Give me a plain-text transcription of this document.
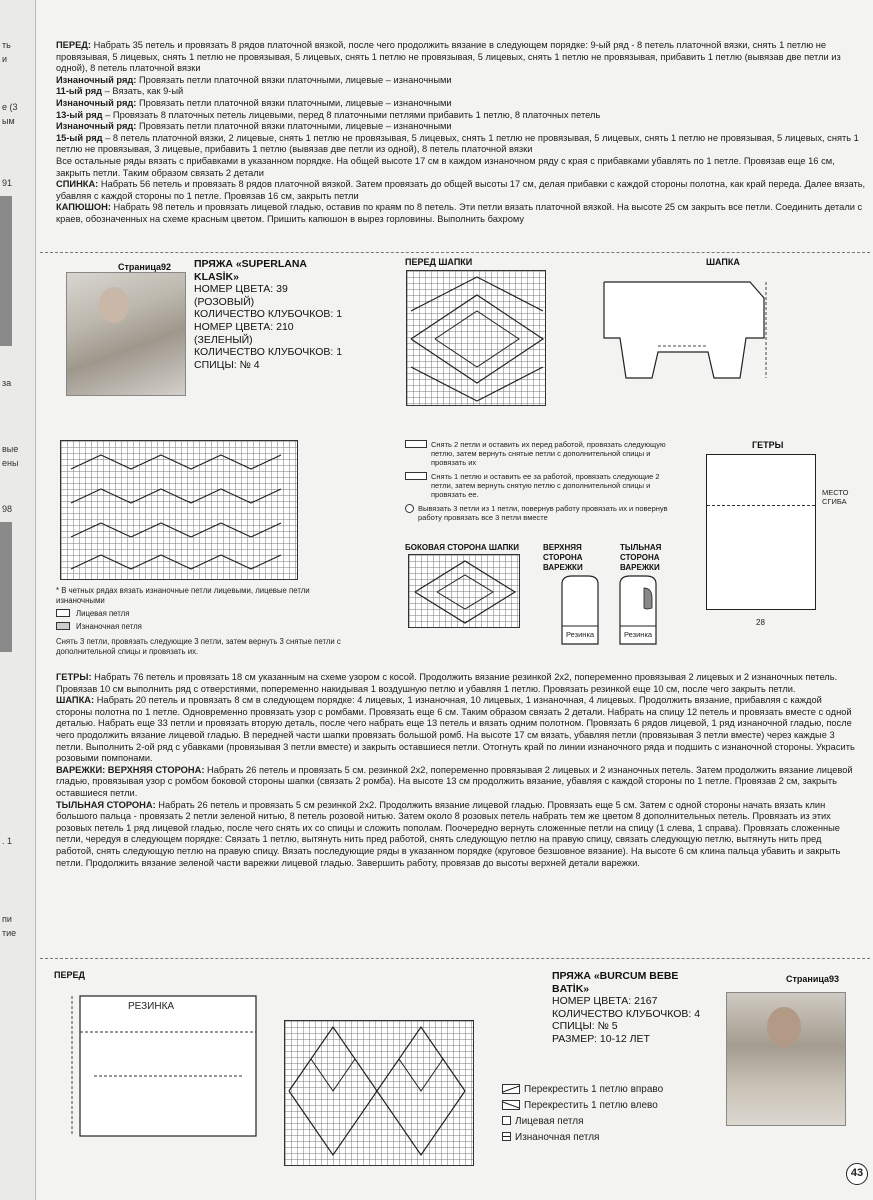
ть
и
е (3
ым
91
за
вые
ены
98
. 1
пи
тие

ПЕРЕД: Набрать 35 петель и провязать 8 рядов платочной вязкой, после чего продолжить вязание в следующем порядке: 9-ый ряд - 8 петель платочной вязки, снять 1 петлю не провязывая, 5 лицевых, снять 1 петлю не провязывая, 5 лицевых, снять 1 петлю не провязывая, 5 лицевых, снять 1 петлю не провязывая, прибавить 1 петлю (вывязав две петли из одной), 8 петель платочной вязки

Изнаночный ряд: Провязать петли платочной вязки платочными, лицевые – изнаночными

11-ый ряд – Вязать, как 9-ый

Изнаночный ряд: Провязать петли платочной вязки платочными, лицевые – изнаночными

13-ый ряд – Провязать 8 платочных петель лицевыми, перед 8 платочными петлями прибавить 1 петлю, 8 платочных петель

Изнаночный ряд: Провязать петли платочной вязки платочными, лицевые – изнаночными

15-ый ряд – 8 петель платочной вязки, 2 лицевые, снять 1 петлю не провязывая, 5 лицевых, снять 1 петлю не провязывая, 5 лицевых, снять 1 петлю не провязывая, 5 лицевых, снять 1 петлю не провязывая, 3 лицевые, прибавить 1 петлю (вывязав две петли из одной), 8 петель платочной вязки

Все остальные ряды вязать с прибавками в указанном порядке. На общей высоте 17 см в каждом изнаночном ряду с края с прибавками убавлять по 1 петле. Провязав еще 16 см, закрыть петли. Таким образом связать 2 детали

СПИНКА: Набрать 56 петель и провязать 8 рядов платочной вязкой. Затем провязать до общей высоты 17 см, делая прибавки с каждой стороны полотна, как край переда. Далее вязать, убавляя с каждой стороны по 1 петле. Провязав 16 см, закрыть петли

КАПЮШОН: Набрать 98 петель и провязать лицевой гладью, оставив по краям по 8 петель. Эти петли вязать платочной вязкой. На высоте 25 см закрыть все петли. Соединить детали с краев, обозначенных на схеме красным цветом. Пришить капюшон в вырез горловины. Выполнить бахрому

Страница92 ПРЯЖА «SUPERLANA
KLASİK»
НОМЕР ЦВЕТА: 39
(РОЗОВЫЙ)
КОЛИЧЕСТВО КЛУБОЧКОВ: 1
НОМЕР ЦВЕТА: 210
(ЗЕЛЕНЫЙ)
КОЛИЧЕСТВО КЛУБОЧКОВ: 1
СПИЦЫ: № 4
ПЕРЕД ШАПКИ	ШАПКА
* В четных рядах вязать изнаночные петли лицевыми, лицевые петли изнаночными
Лицевая петля
Изнаночная петля
Снять 3 петли, провязать следующие 3 петли, затем вернуть 3 снятые петли с дополнительной спицы и провязать их.
Снять 2 петли и оставить их перед работой, провязать следующую петлю, затем вернуть снятые петли с дополнительной спицы и провязать их
Снять 1 петлю и оставить ее за работой, провязать следующие 2 петли, затем вернуть снятую петлю с дополнительной спицы и провязать ее.
Вывязать 3 петли из 1 петли, повернув работу провязать их и повернув работу провязать все 3 петли вместе
БОКОВАЯ СТОРОНА ШАПКИ	ВЕРХНЯЯ СТОРОНА ВАРЕЖКИ
ТЫЛЬНАЯ СТОРОНА ВАРЕЖКИ
Резинка	Резинка
ГЕТРЫ
МЕСТО СГИБА
28

ГЕТРЫ: Набрать 76 петель и провязать 18 см указанным на схеме узором с косой. Продолжить вязание резинкой 2x2, попеременно провязывая 2 лицевых и 2 изнаночных петель. Провязав 10 см выполнить ряд с отверстиями, попеременно накидывая 1 воздушную петлю и убавляя 1 петлю. Провязать резинкой еще 10 см, после чего закрыть петли.

ШАПКА: Набрать 20 петель и провязать 8 см в следующем порядке: 4 лицевых, 1 изнаночная, 10 лицевых, 1 изнаночная, 4 лицевых. Продолжить вязание, прибавляя с каждой стороны полотна по 1 петле. Одновременно провязать узор с ромбами. Провязать еще 6 см. Таким образом связать 2 детали. Набрать на спицу 12 петель и провязать вместе с одной деталью. Набрать еще 33 петли и провязать вторую деталь, после чего набрать еще 13 петель и вязать одним полотном. Провязать 6 рядов лицевой, 1 ряд изнаночной гладью, после чего продолжить вязание лицевой гладью. В передней части шапки провязать большой ромб. На высоте 17 см вязать, убавляя петли (провязывая 3 петли вместе) через каждые 3 петли. Выполнить 2-ой ряд с убавками (провязывая 3 петли вместе) и закрыть оставшиеся петли. Отогнуть край по линии изнаночного ряда и подшить с изнаночной стороны. Украсить розовыми помпонами.

ВАРЕЖКИ: ВЕРХНЯЯ СТОРОНА: Набрать 26 петель и провязать 5 см. резинкой 2x2, попеременно провязывая 2 лицевых и 2 изнаночных петель. Затем продолжить вязание лицевой гладью, провязывая узор с ромбом боковой стороны шапки (связать 2 ромба). На высоте 13 см продолжить вязание, убавляя с каждой стороны по 1 петле. Провязав 2 см, закрыть оставшиеся петли.

ТЫЛЬНАЯ СТОРОНА: Набрать 26 петель и провязать 5 см резинкой 2x2. Продолжить вязание лицевой гладью. Провязать еще 5 см. Затем с одной стороны начать вязать клин большого пальца - провязать 2 петли зеленой нитью, 8 петель розовой нитью. Затем около 8 розовых петель набрать тем же цветом 8 дополнительных петель. Провязать из этих розовых петель 1 ряд лицевой гладью, после чего снять их со спицы и сложить пополам. Поочередно вернуть сложенные петли на спицу (1 слева, 1 справа). Провязать сложенные петли, чередуя в следующем порядке: Связать 1 петлю, вытянуть нить пред работой, снять следующую петлю на правую спицу, связать следующую петлю, вытянуть нить пред работой, снять следующую петлю на правую спицу. Вязать последующие ряды в указанном порядке (круговое безшовное вязание). На высоте 6 см клина пальца убавить и закрыть петли. Продолжить вязание зеленой части варежки лицевой гладью. Завершить работу, провязав до высоты верхней детали варежки.

ПЕРЕД
РЕЗИНКА
ПРЯЖА «BURCUM BEBE
BATİK»
НОМЕР ЦВЕТА: 2167
КОЛИЧЕСТВО КЛУБОЧКОВ: 4
СПИЦЫ: № 5
РАЗМЕР: 10-12 ЛЕТ
Страница93
Перекрестить 1 петлю вправо
Перекрестить 1 петлю влево
Лицевая петля
Изнаночная петля
43
